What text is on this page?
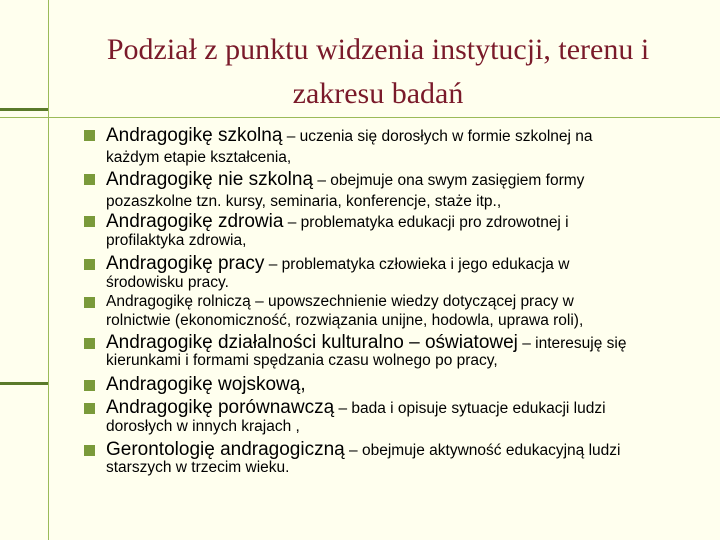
Podział z punktu widzenia instytucji, terenu i zakresu badań
Andragogikę szkolną – uczenia się dorosłych w formie szkolnej na
każdym etapie kształcenia,
Andragogikę nie szkolną – obejmuje ona swym zasięgiem formy
pozaszkolne tzn. kursy, seminaria, konferencje, staże itp.,
Andragogikę zdrowia – problematyka edukacji pro zdrowotnej i
profilaktyka zdrowia,
Andragogikę pracy – problematyka człowieka i jego edukacja w
środowisku pracy.
Andragogikę rolniczą – upowszechnienie wiedzy dotyczącej pracy w
rolnictwie (ekonomiczność, rozwiązania unijne, hodowla, uprawa roli),
Andragogikę działalności kulturalno – oświatowej – interesuję się
kierunkami i formami spędzania czasu wolnego po pracy,
Andragogikę wojskową,
Andragogikę porównawczą – bada i opisuje sytuacje edukacji ludzi
dorosłych w innych krajach ,
Gerontologię andragogiczną – obejmuje aktywność edukacyjną ludzi
starszych w trzecim wieku.
